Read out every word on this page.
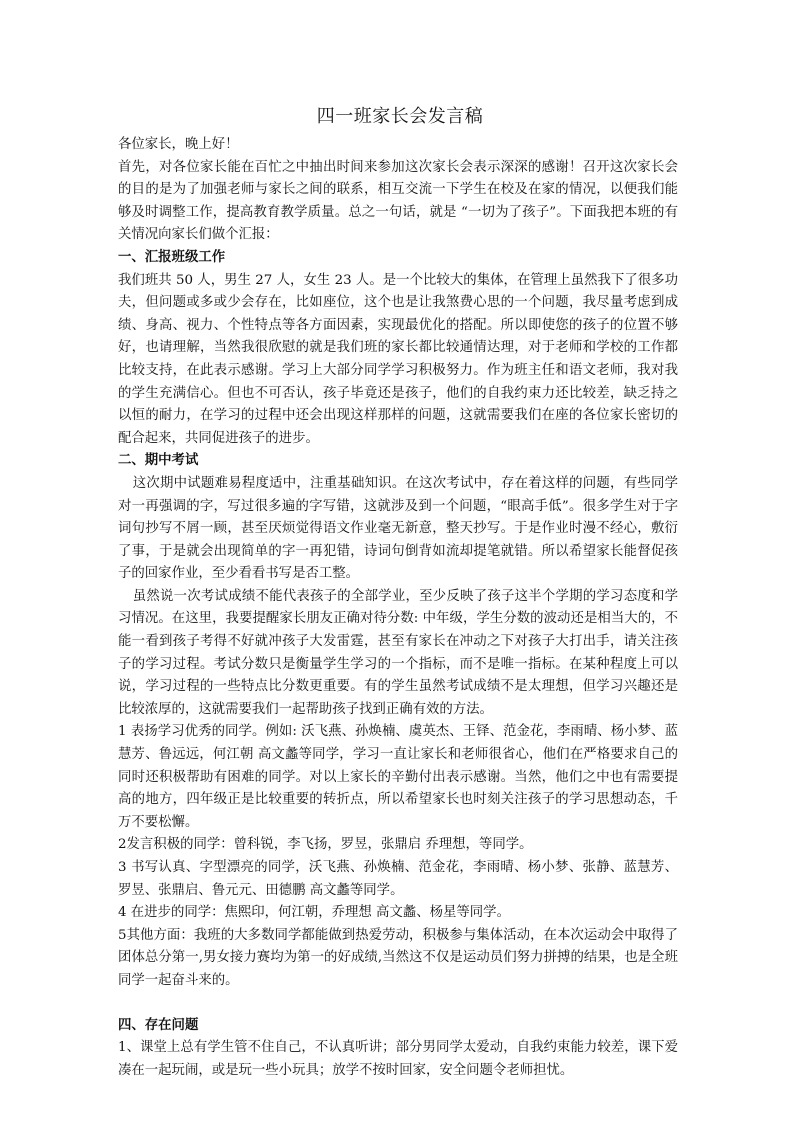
四一班家长会发言稿

各位家长，晚上好！

首先，对各位家长能在百忙之中抽出时间来参加这次家长会表示深深的感谢！召开这次家长会的目的是为了加强老师与家长之间的联系，相互交流一下学生在校及在家的情况，以便我们能够及时调整工作，提高教育教学质量。总之一句话，就是 “一切为了孩子”。下面我把本班的有关情况向家长们做个汇报：

一、汇报班级工作

我们班共 50 人，男生 27 人，女生 23 人。是一个比较大的集体，在管理上虽然我下了很多功夫，但问题或多或少会存在，比如座位，这个也是让我煞费心思的一个问题，我尽量考虑到成绩、身高、视力、个性特点等各方面因素，实现最优化的搭配。所以即使您的孩子的位置不够好，也请理解，当然我很欣慰的就是我们班的家长都比较通情达理，对于老师和学校的工作都比较支持，在此表示感谢。学习上大部分同学学习积极努力。作为班主任和语文老师，我对我的学生充满信心。但也不可否认，孩子毕竟还是孩子，他们的自我约束力还比较差，缺乏持之以恒的耐力，在学习的过程中还会出现这样那样的问题，这就需要我们在座的各位家长密切的配合起来，共同促进孩子的进步。

二、期中考试

这次期中试题难易程度适中，注重基础知识。在这次考试中，存在着这样的问题，有些同学对一再强调的字，写过很多遍的字写错，这就涉及到一个问题，“眼高手低”。很多学生对于字词句抄写不屑一顾，甚至厌烦觉得语文作业毫无新意，整天抄写。于是作业时漫不经心，敷衍了事，于是就会出现简单的字一再犯错，诗词句倒背如流却提笔就错。所以希望家长能督促孩子的回家作业，至少看看书写是否工整。

虽然说一次考试成绩不能代表孩子的全部学业，至少反映了孩子这半个学期的学习态度和学习情况。在这里，我要提醒家长朋友正确对待分数: 中年级，学生分数的波动还是相当大的，不能一看到孩子考得不好就冲孩子大发雷霆，甚至有家长在冲动之下对孩子大打出手，请关注孩子的学习过程。考试分数只是衡量学生学习的一个指标，而不是唯一指标。在某种程度上可以说，学习过程的一些特点比分数更重要。有的学生虽然考试成绩不是太理想，但学习兴趣还是比较浓厚的，这就需要我们一起帮助孩子找到正确有效的方法。

1 表扬学习优秀的同学。例如: 沃飞燕、孙焕楠、虞英杰、王铎、范金花，李雨晴、杨小梦、蓝慧芳、鲁远远，何江朝 高文蠡等同学，学习一直让家长和老师很省心，他们在严格要求自己的同时还积极帮助有困难的同学。对以上家长的辛勤付出表示感谢。当然，他们之中也有需要提高的地方，四年级正是比较重要的转折点，所以希望家长也时刻关注孩子的学习思想动态，千万不要松懈。

2发言积极的同学：曾科锐，李飞扬，罗昱，张鼎启 乔理想，等同学。

3 书写认真、字型漂亮的同学，沃飞燕、孙焕楠、范金花，李雨晴、杨小梦、张静、蓝慧芳、罗昱、张鼎启、鲁元元、田德鹏 高文蠡等同学。

4 在进步的同学：焦熙印，何江朝，乔理想 高文蠡、杨星等同学。

5其他方面：我班的大多数同学都能做到热爱劳动，积极参与集体活动，在本次运动会中取得了团体总分第一,男女接力赛均为第一的好成绩,当然这不仅是运动员们努力拼搏的结果，也是全班同学一起奋斗来的。

四、存在问题

1、课堂上总有学生管不住自己，不认真听讲；部分男同学太爱动，自我约束能力较差，课下爱凑在一起玩闹，或是玩一些小玩具；放学不按时回家，安全问题令老师担忧。
